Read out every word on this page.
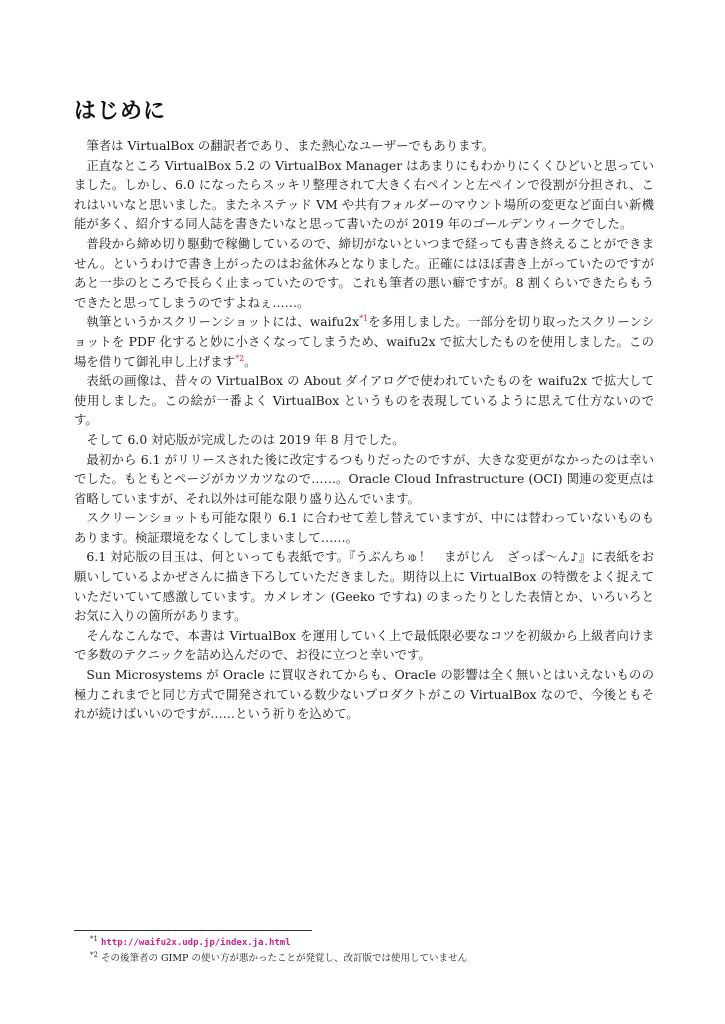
はじめに

筆者は VirtualBox の翻訳者であり、また熱心なユーザーでもあります。

正直なところ VirtualBox 5.2 の VirtualBox Manager はあまりにもわかりにくくひどいと思っていました。しかし、6.0 になったらスッキリ整理されて大きく右ペインと左ペインで役割が分担され、これはいいなと思いました。またネステッド VM や共有フォルダーのマウント場所の変更など面白い新機能が多く、紹介する同人誌を書きたいなと思って書いたのが 2019 年のゴールデンウィークでした。

普段から締め切り駆動で稼働しているので、締切がないといつまで経っても書き終えることができません。というわけで書き上がったのはお盆休みとなりました。正確にはほぼ書き上がっていたのですがあと一歩のところで長らく止まっていたのです。これも筆者の悪い癖ですが。8 割くらいできたらもうできたと思ってしまうのですよねぇ……。

執筆というかスクリーンショットには、waifu2x$^{*1}$を多用しました。一部分を切り取ったスクリーンショットを PDF 化すると妙に小さくなってしまうため、waifu2x で拡大したものを使用しました。この場を借りて御礼申し上げます$^{*2}$。

表紙の画像は、昔々の VirtualBox の About ダイアログで使われていたものを waifu2x で拡大して使用しました。この絵が一番よく VirtualBox というものを表現しているように思えて仕方ないのです。

そして 6.0 対応版が完成したのは 2019 年 8 月でした。

最初から 6.1 がリリースされた後に改定するつもりだったのですが、大きな変更がなかったのは幸いでした。もともとページがカツカツなので……。Oracle Cloud Infrastructure (OCI) 関連の変更点は省略していますが、それ以外は可能な限り盛り込んでいます。

スクリーンショットも可能な限り 6.1 に合わせて差し替えていますが、中には替わっていないものもあります。検証環境をなくしてしまいまして……。

6.1 対応版の目玉は、何といっても表紙です。『うぶんちゅ！　まがじん　ざっぱ〜ん♪』に表紙をお願いしているよかぜさんに描き下ろしていただきました。期待以上に VirtualBox の特徴をよく捉えていただいていて感激しています。カメレオン (Geeko ですね) のまったりとした表情とか、いろいろとお気に入りの箇所があります。

そんなこんなで、本書は VirtualBox を運用していく上で最低限必要なコツを初級から上級者向けまで多数のテクニックを詰め込んだので、お役に立つと幸いです。

Sun Microsystems が Oracle に買収されてからも、Oracle の影響は全く無いとはいえないものの極力これまでと同じ方式で開発されている数少ないプロダクトがこの VirtualBox なので、今後ともそれが続けばいいのですが……という祈りを込めて。

$^{*1}$ http://waifu2x.udp.jp/index.ja.html
$^{*2}$ その後筆者の GIMP の使い方が悪かったことが発覚し、改訂版では使用していません
